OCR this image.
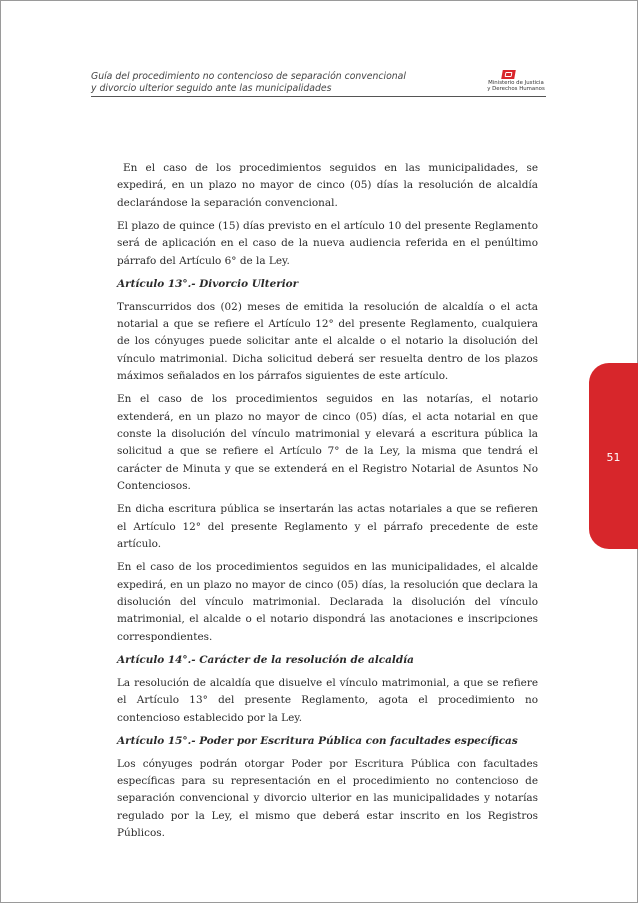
Guía del procedimiento no contencioso de separación convencional
y divorcio ulterior seguido ante las municipalidades	Ministerio de Justicia
y Derechos Humanos

En el caso de los procedimientos seguidos en las municipalidades, se expedirá, en un plazo no mayor de cinco (05) días la resolución de alcaldía declarándose la separación convencional.

El plazo de quince (15) días previsto en el artículo 10 del presente Reglamento será de aplicación en el caso de la nueva audiencia referida en el penúltimo párrafo del Artículo 6° de la Ley.

Artículo 13°.- Divorcio Ulterior

Transcurridos dos (02) meses de emitida la resolución de alcaldía o el acta notarial a que se refiere el Artículo 12° del presente Reglamento, cualquiera de los cónyuges puede solicitar ante el alcalde o el notario la disolución del vínculo matrimonial. Dicha solicitud deberá ser resuelta dentro de los plazos máximos señalados en los párrafos siguientes de este artículo.

En el caso de los procedimientos seguidos en las notarías, el notario extenderá, en un plazo no mayor de cinco (05) días, el acta notarial en que conste la disolución del vínculo matrimonial y elevará a escritura pública la solicitud a que se refiere el Artículo 7° de la Ley, la misma que tendrá el carácter de Minuta y que se extenderá en el Registro Notarial de Asuntos No Contenciosos.

En dicha escritura pública se insertarán las actas notariales a que se refieren el Artículo 12° del presente Reglamento y el párrafo precedente de este artículo.

En el caso de los procedimientos seguidos en las municipalidades, el alcalde expedirá, en un plazo no mayor de cinco (05) días, la resolución que declara la disolución del vínculo matrimonial. Declarada la disolución del vínculo matrimonial, el alcalde o el notario dispondrá las anotaciones e inscripciones correspondientes.

Artículo 14°.- Carácter de la resolución de alcaldía

La resolución de alcaldía que disuelve el vínculo matrimonial, a que se refiere el Artículo 13° del presente Reglamento, agota el procedimiento no contencioso establecido por la Ley.

Artículo 15°.- Poder por Escritura Pública con facultades específicas

Los cónyuges podrán otorgar Poder por Escritura Pública con facultades específicas para su representación en el procedimiento no contencioso de separación convencional y divorcio ulterior en las municipalidades y notarías regulado por la Ley, el mismo que deberá estar inscrito en los Registros Públicos.

51
